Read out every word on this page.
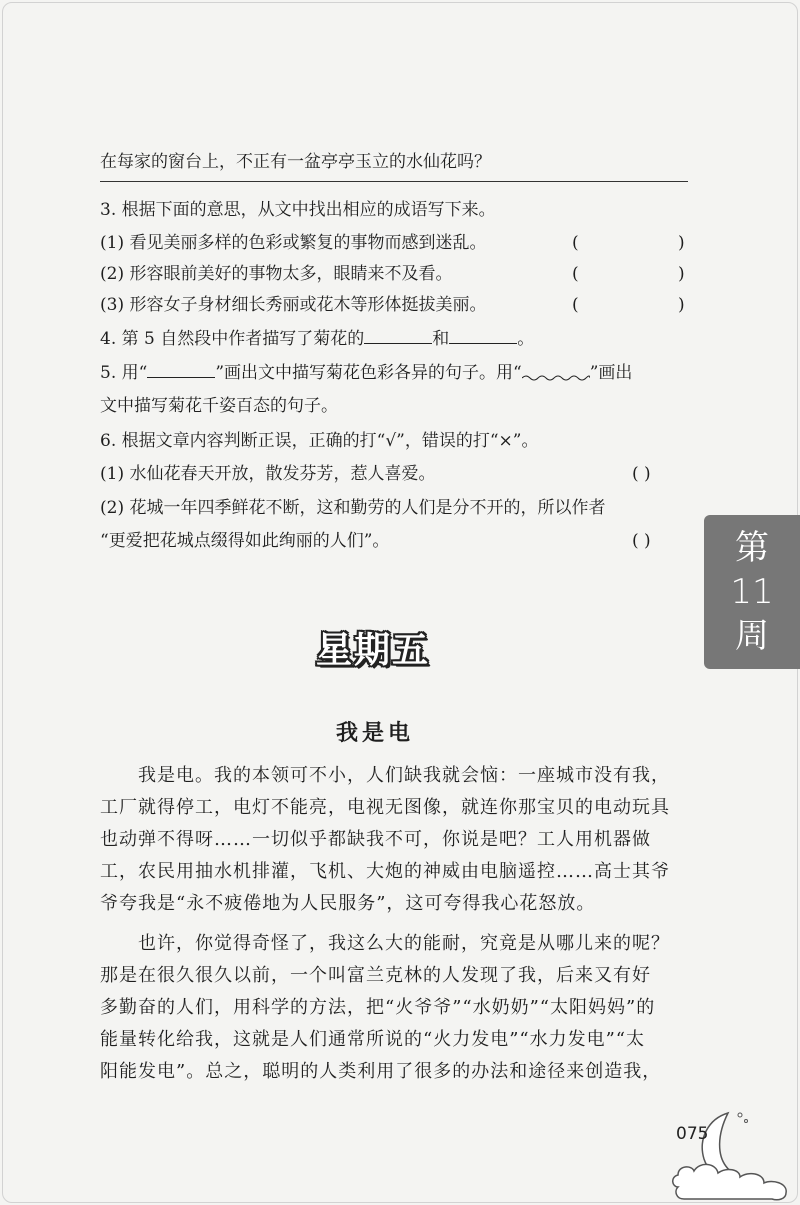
在每家的窗台上，不正有一盆亭亭玉立的水仙花吗？
3. 根据下面的意思，从文中找出相应的成语写下来。
(1) 看见美丽多样的色彩或繁复的事物而感到迷乱。	(	)
(2) 形容眼前美好的事物太多，眼睛来不及看。	(	)
(3) 形容女子身材细长秀丽或花木等形体挺拔美丽。	(	)
4. 第 5 自然段中作者描写了菊花的	和	。
5. 用“	”画出文中描写菊花色彩各异的句子。用“	”画出
文中描写菊花千姿百态的句子。
6. 根据文章内容判断正误，正确的打“√”，错误的打“×”。
(1) 水仙花春天开放，散发芬芳，惹人喜爱。	( )
(2) 花城一年四季鲜花不断，这和勤劳的人们是分不开的，所以作者
“更爱把花城点缀得如此绚丽的人们”。	( ) 第
11
周
星期五
我是电
　　我是电。我的本领可不小，人们缺我就会恼：一座城市没有我，
工厂就得停工，电灯不能亮，电视无图像，就连你那宝贝的电动玩具
也动弹不得呀……一切似乎都缺我不可，你说是吧？工人用机器做
工，农民用抽水机排灌，飞机、大炮的神威由电脑遥控……高士其爷
爷夸我是“永不疲倦地为人民服务”，这可夸得我心花怒放。
　　也许，你觉得奇怪了，我这么大的能耐，究竟是从哪儿来的呢？
那是在很久很久以前，一个叫富兰克林的人发现了我，后来又有好
多勤奋的人们，用科学的方法，把“火爷爷”“水奶奶”“太阳妈妈”的
能量转化给我，这就是人们通常所说的“火力发电”“水力发电”“太
阳能发电”。总之，聪明的人类利用了很多的办法和途径来创造我，
075
